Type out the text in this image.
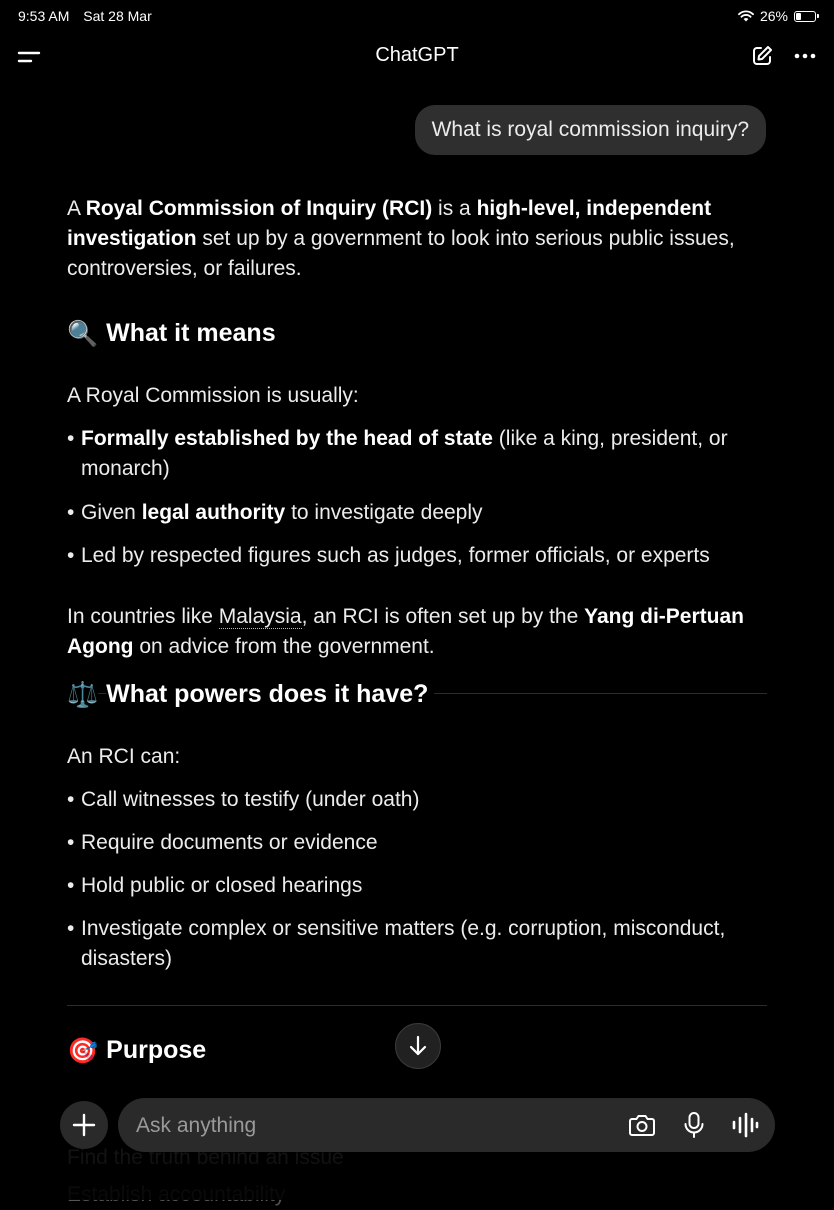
9:53 AM Sat 28 Mar	26%
ChatGPT
What is royal commission inquiry?
A Royal Commission of Inquiry (RCI) is a high-level, independent investigation set up by a government to look into serious public issues, controversies, or failures.
🔍 What it means
A Royal Commission is usually:
• Formally established by the head of state (like a king, president, or monarch)
• Given legal authority to investigate deeply
• Led by respected figures such as judges, former officials, or experts
In countries like Malaysia, an RCI is often set up by the Yang di-Pertuan Agong on advice from the government.
⚖️ What powers does it have?
An RCI can:
• Call witnesses to testify (under oath)
• Require documents or evidence
• Hold public or closed hearings
• Investigate complex or sensitive matters (e.g. corruption, misconduct, disasters)
🎯 Purpose
Ask anything
